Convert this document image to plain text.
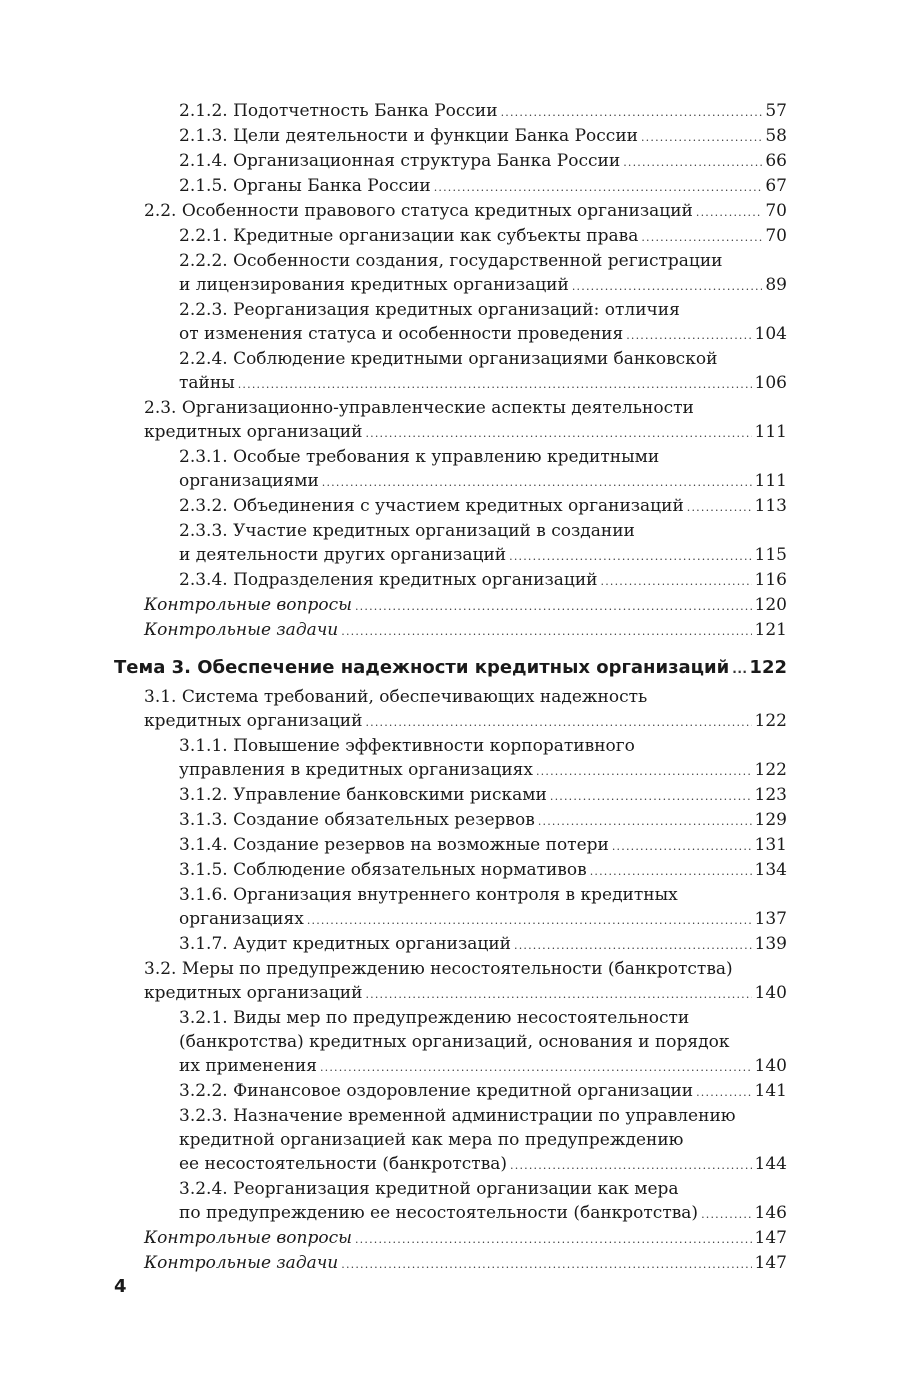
2.1.2. Подотчетность Банка России .....	57
2.1.3. Цели деятельности и функции Банка России .....	58
2.1.4. Организационная структура Банка России .....	66
2.1.5. Органы Банка России .....	67
2.2. Особенности правового статуса кредитных организаций .....	70
2.2.1. Кредитные организации как субъекты права .....	70
2.2.2. Особенности создания, государственной регистрации
и лицензирования кредитных организаций .....	89
2.2.3. Реорганизация кредитных организаций: отличия
от изменения статуса и особенности проведения .....	104
2.2.4. Соблюдение кредитными организациями банковской
тайны .....	106
2.3. Организационно-управленческие аспекты деятельности
кредитных организаций .....	111
2.3.1. Особые требования к управлению кредитными
организациями .....	111
2.3.2. Объединения с участием кредитных организаций .....	113
2.3.3. Участие кредитных организаций в создании
и деятельности других организаций .....	115
2.3.4. Подразделения кредитных организаций .....	116
Контрольные вопросы .....	120
Контрольные задачи .....	121
Тема 3. Обеспечение надежности кредитных организаций ..... 122
3.1. Система требований, обеспечивающих надежность
кредитных организаций .....	122
3.1.1. Повышение эффективности корпоративного
управления в кредитных организациях .....	122
3.1.2. Управление банковскими рисками .....	123
3.1.3. Создание обязательных резервов .....	129
3.1.4. Создание резервов на возможные потери .....	131
3.1.5. Соблюдение обязательных нормативов .....	134
3.1.6. Организация внутреннего контроля в кредитных
организациях .....	137
3.1.7. Аудит кредитных организаций .....	139
3.2. Меры по предупреждению несостоятельности (банкротства)
кредитных организаций .....	140
3.2.1. Виды мер по предупреждению несостоятельности
(банкротства) кредитных организаций, основания и порядок
их применения .....	140
3.2.2. Финансовое оздоровление кредитной организации .....	141
3.2.3. Назначение временной администрации по управлению
кредитной организацией как мера по предупреждению
ее несостоятельности (банкротства) .....	144
3.2.4. Реорганизация кредитной организации как мера
по предупреждению ее несостоятельности (банкротства) .....	146
Контрольные вопросы .....	147
Контрольные задачи .....	147
4
